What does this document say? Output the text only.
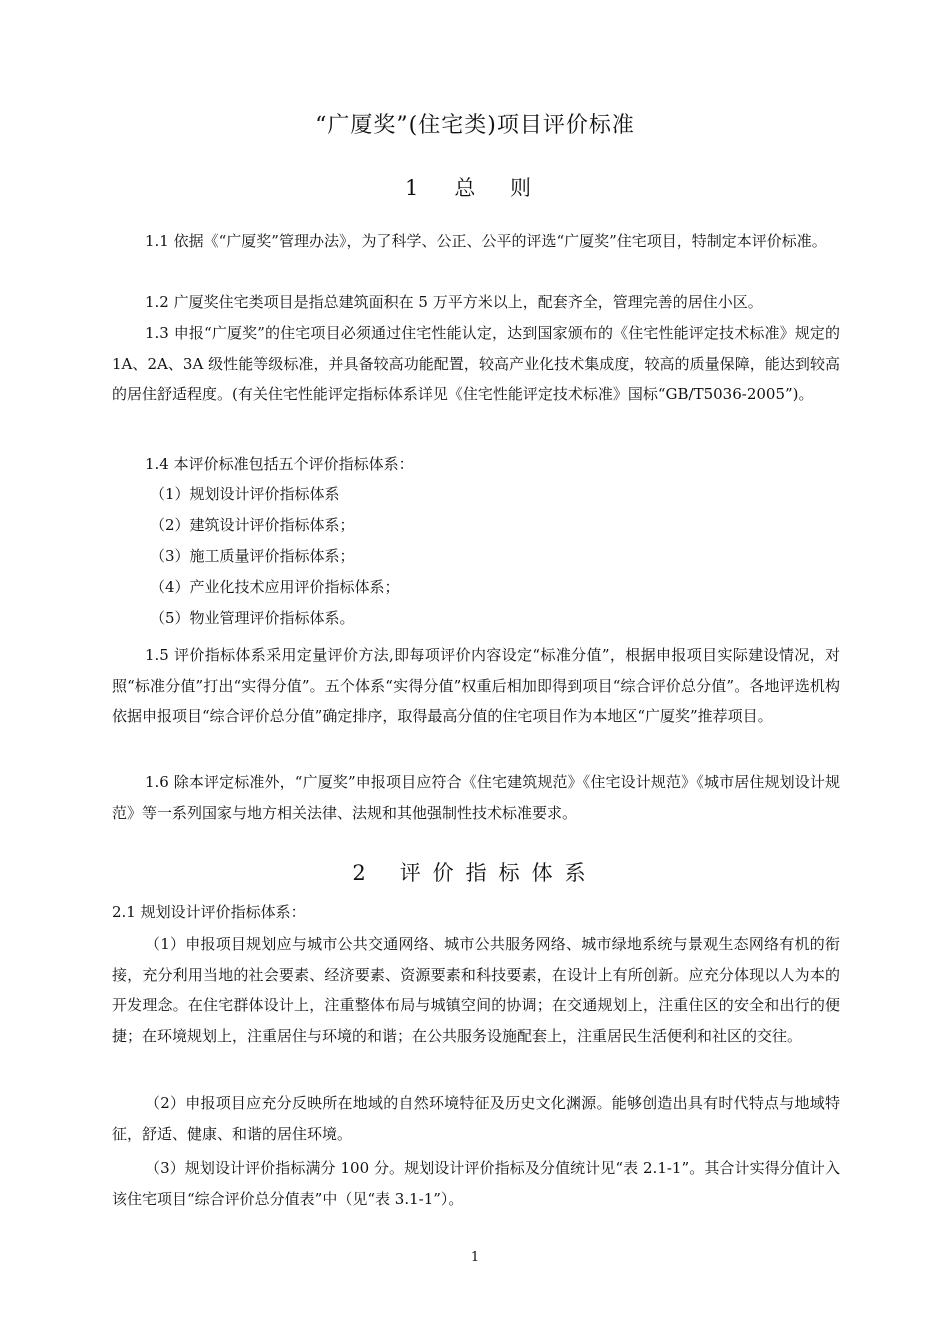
“广厦奖”(住宅类)项目评价标准
1 总 则

1.1 依据《“广厦奖”管理办法》，为了科学、公正、公平的评选“广厦奖”住宅项目，特制定本评价标准。

1.2 广厦奖住宅类项目是指总建筑面积在 5 万平方米以上，配套齐全，管理完善的居住小区。

1.3 申报“广厦奖”的住宅项目必须通过住宅性能认定，达到国家颁布的《住宅性能评定技术标准》规定的 1A、2A、3A 级性能等级标准，并具备较高功能配置，较高产业化技术集成度，较高的质量保障，能达到较高的居住舒适程度。(有关住宅性能评定指标体系详见《住宅性能评定技术标准》国标“GB/T5036-2005”)。

1.4 本评价标准包括五个评价指标体系：

（1）规划设计评价指标体系

（2）建筑设计评价指标体系；

（3）施工质量评价指标体系；

（4）产业化技术应用评价指标体系；

（5）物业管理评价指标体系。

1.5 评价指标体系采用定量评价方法,即每项评价内容设定“标准分值”，根据申报项目实际建设情况，对照“标准分值”打出“实得分值”。五个体系“实得分值”权重后相加即得到项目“综合评价总分值”。各地评选机构依据申报项目“综合评价总分值”确定排序，取得最高分值的住宅项目作为本地区“广厦奖”推荐项目。

1.6 除本评定标准外，“广厦奖”申报项目应符合《住宅建筑规范》《住宅设计规范》《城市居住规划设计规范》等一系列国家与地方相关法律、法规和其他强制性技术标准要求。

2 评价指标体系

2.1 规划设计评价指标体系：

（1）申报项目规划应与城市公共交通网络、城市公共服务网络、城市绿地系统与景观生态网络有机的衔接，充分利用当地的社会要素、经济要素、资源要素和科技要素，在设计上有所创新。应充分体现以人为本的开发理念。在住宅群体设计上，注重整体布局与城镇空间的协调；在交通规划上，注重住区的安全和出行的便捷；在环境规划上，注重居住与环境的和谐；在公共服务设施配套上，注重居民生活便利和社区的交往。

（2）申报项目应充分反映所在地域的自然环境特征及历史文化渊源。能够创造出具有时代特点与地域特征，舒适、健康、和谐的居住环境。

（3）规划设计评价指标满分 100 分。规划设计评价指标及分值统计见“表 2.1-1”。其合计实得分值计入该住宅项目“综合评价总分值表”中（见“表 3.1-1”）。

1
